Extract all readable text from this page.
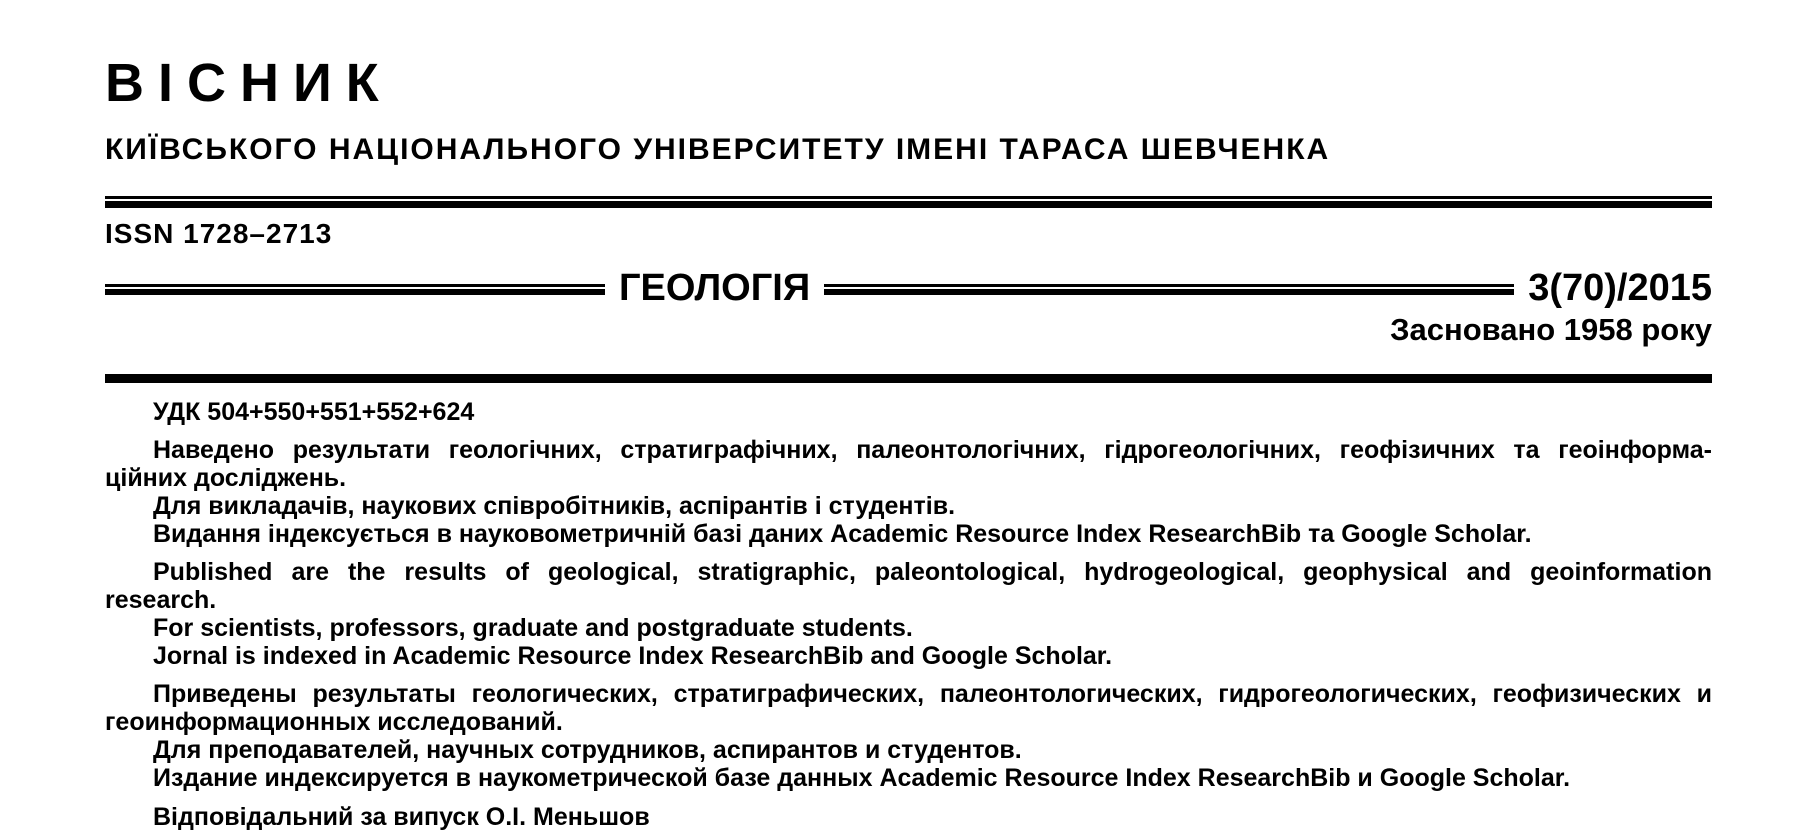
ВІСНИК
КИЇВСЬКОГО НАЦІОНАЛЬНОГО УНІВЕРСИТЕТУ ІМЕНІ ТАРАСА ШЕВЧЕНКА
ISSN 1728–2713
ГЕОЛОГІЯ	3(70)/2015
Засновано 1958 року
УДК 504+550+551+552+624
Наведено результати геологічних, стратиграфічних, палеонтологічних, гідрогеологічних, геофізичних та геоінформа-
ційних досліджень.
Для викладачів, наукових співробітників, аспірантів і студентів.
Видання індексується в науковометричній базі даних Academic Resource Index ResearchBib та Google Scholar.
Published are the results of geological, stratigraphic, paleontological, hydrogeological, geophysical and geoinformation
research.
For scientists, professors, graduate and postgraduate students.
Jornal is indexed in Academic Resource Index ResearchBib and Google Scholar.
Приведены результаты геологических, стратиграфических, палеонтологических, гидрогеологических, геофизических и
геоинформационных исследований.
Для преподавателей, научных сотрудников, аспирантов и студентов.
Издание индексируется в наукометрической базе данных Academic Resource Index ResearchBib и Google Scholar.
Відповідальний за випуск О.І. Меньшов
